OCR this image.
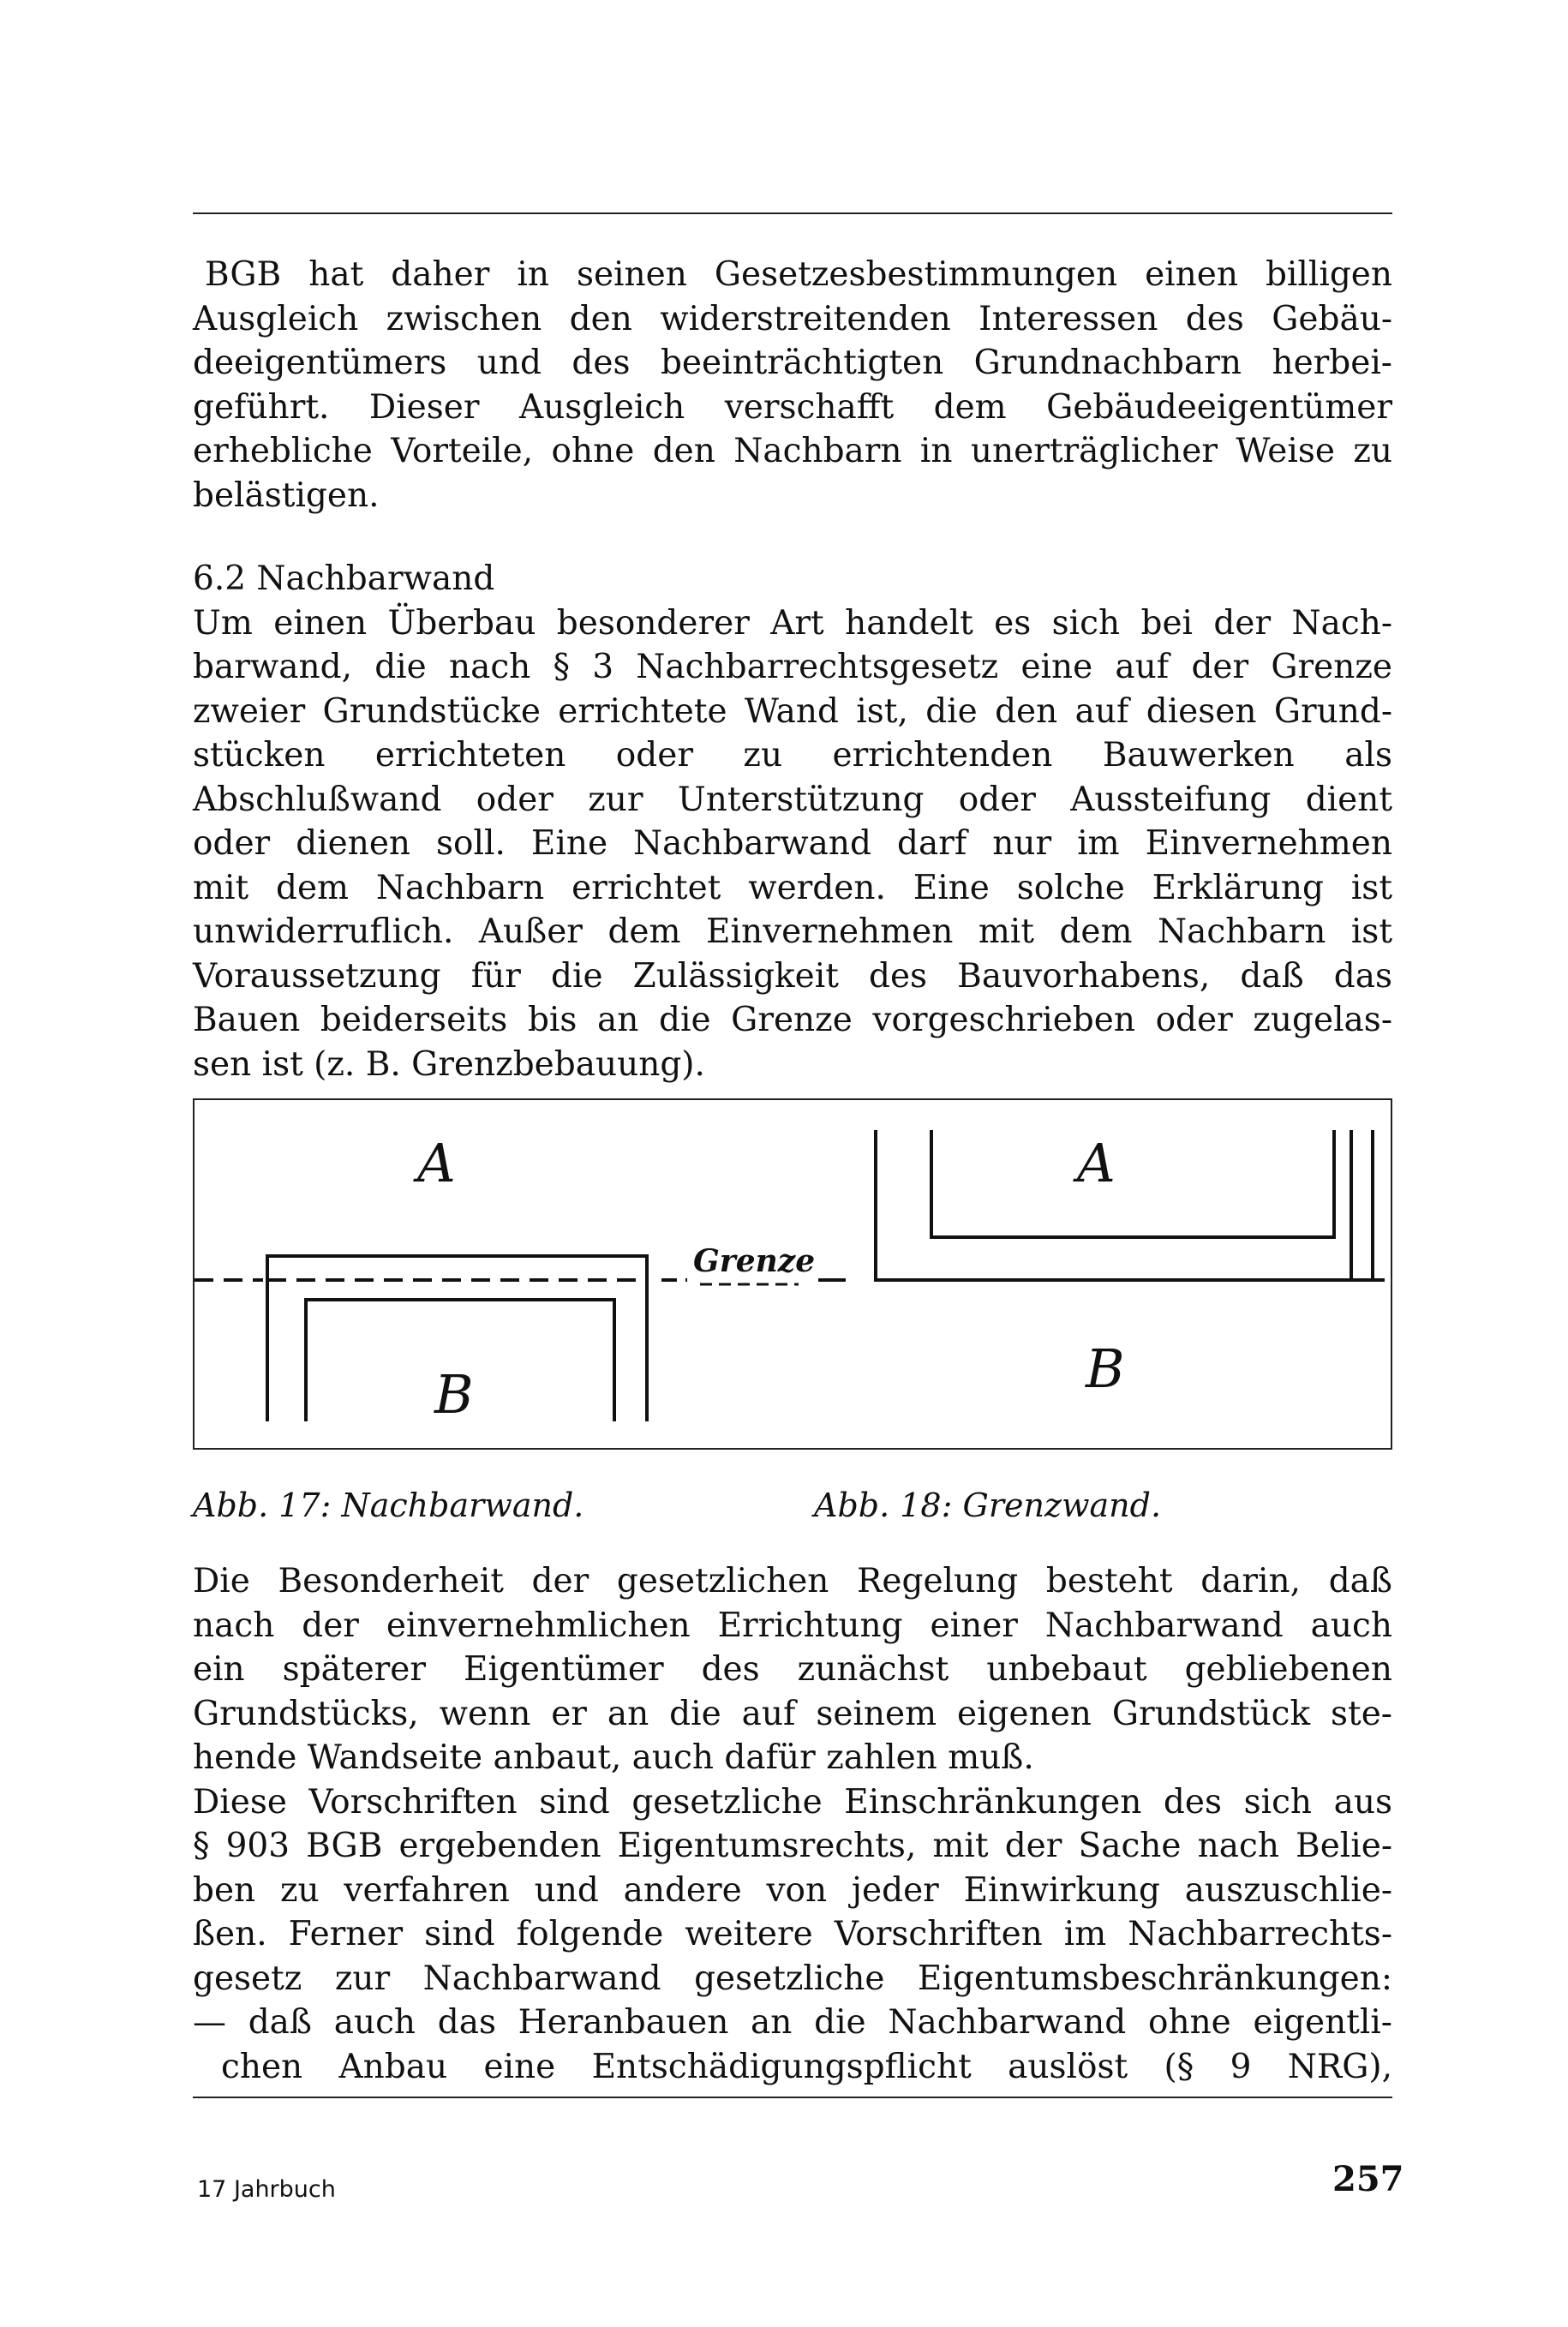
BGB hat daher in seinen Gesetzesbestimmungen einen billigen
Ausgleich zwischen den widerstreitenden Interessen des Gebäu-
deeigentümers und des beeinträchtigten Grundnachbarn herbei-
geführt. Dieser Ausgleich verschafft dem Gebäudeeigentümer
erhebliche Vorteile, ohne den Nachbarn in unerträglicher Weise zu
belästigen.
6.2 Nachbarwand
Um einen Überbau besonderer Art handelt es sich bei der Nach-
barwand, die nach § 3 Nachbarrechtsgesetz eine auf der Grenze
zweier Grundstücke errichtete Wand ist, die den auf diesen Grund-
stücken errichteten oder zu errichtenden Bauwerken als
Abschlußwand oder zur Unterstützung oder Aussteifung dient
oder dienen soll. Eine Nachbarwand darf nur im Einvernehmen
mit dem Nachbarn errichtet werden. Eine solche Erklärung ist
unwiderruflich. Außer dem Einvernehmen mit dem Nachbarn ist
Voraussetzung für die Zulässigkeit des Bauvorhabens, daß das
Bauen beiderseits bis an die Grenze vorgeschrieben oder zugelas-
sen ist (z. B. Grenzbebauung).
A
B
A
B
Grenze
Abb. 17: Nachbarwand.	Abb. 18: Grenzwand.
Die Besonderheit der gesetzlichen Regelung besteht darin, daß
nach der einvernehmlichen Errichtung einer Nachbarwand auch
ein späterer Eigentümer des zunächst unbebaut gebliebenen
Grundstücks, wenn er an die auf seinem eigenen Grundstück ste-
hende Wandseite anbaut, auch dafür zahlen muß.
Diese Vorschriften sind gesetzliche Einschränkungen des sich aus
§ 903 BGB ergebenden Eigentumsrechts, mit der Sache nach Belie-
ben zu verfahren und andere von jeder Einwirkung auszuschlie-
ßen. Ferner sind folgende weitere Vorschriften im Nachbarrechts-
gesetz zur Nachbarwand gesetzliche Eigentumsbeschränkungen:
— daß auch das Heranbauen an die Nachbarwand ohne eigentli-
chen Anbau eine Entschädigungspflicht auslöst (§ 9 NRG),
17 Jahrbuch	257
